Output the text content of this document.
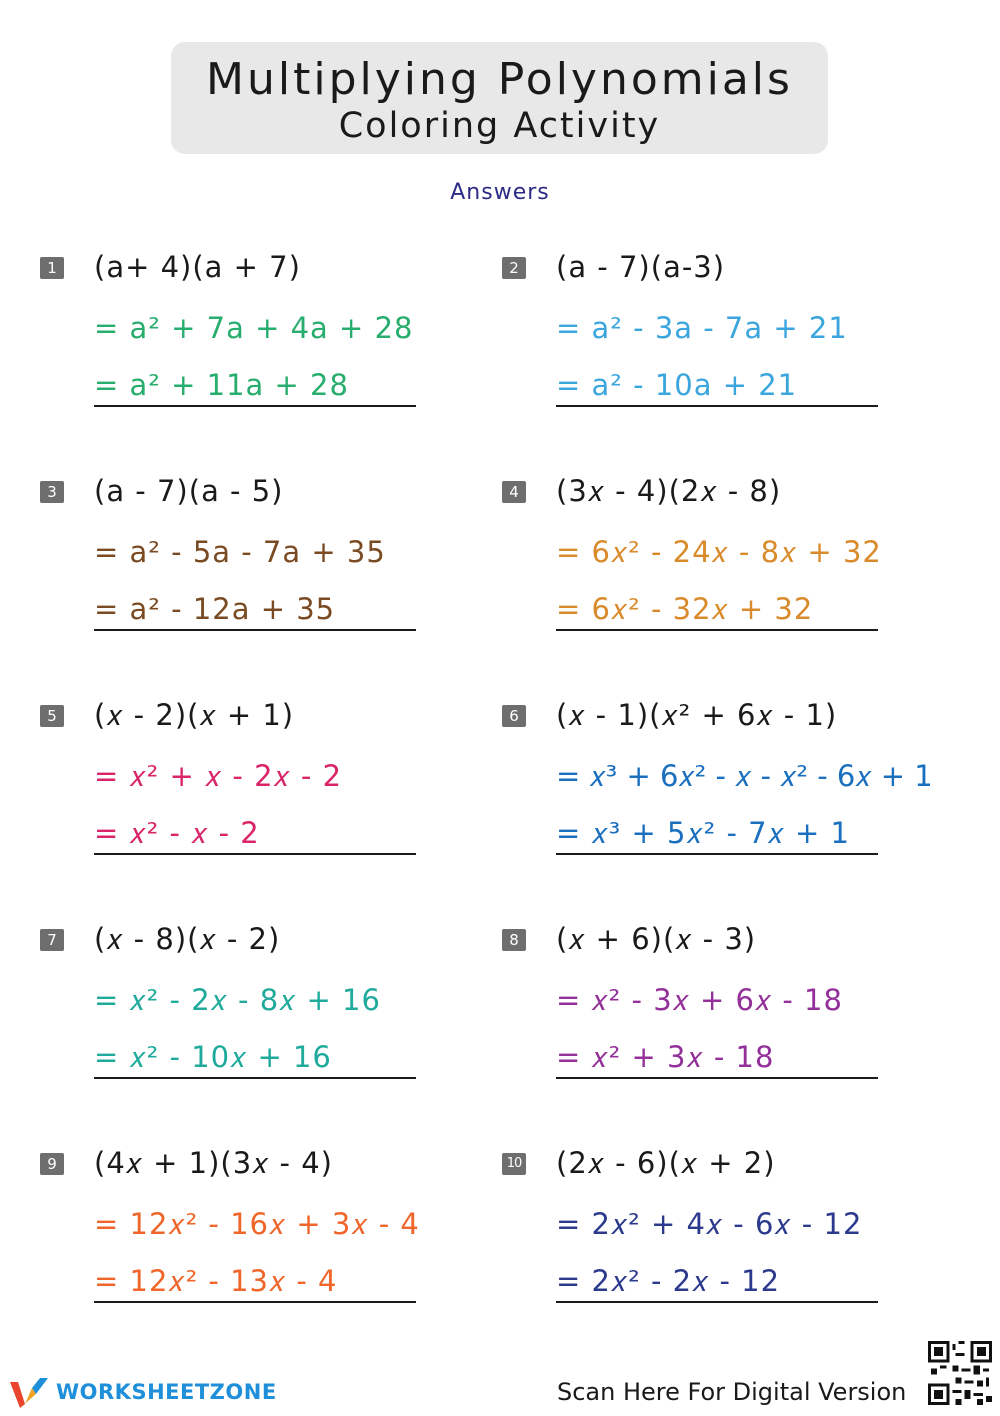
Multiplying Polynomials
Coloring Activity
Answers
1 (a+ 4)(a + 7)
= a² + 7a + 4a + 28
= a² + 11a + 28
2 (a - 7)(a-3)
= a² - 3a - 7a + 21
= a² - 10a + 21
3 (a - 7)(a - 5)
= a² - 5a - 7a + 35
= a² - 12a + 35
4 (3𝑥 - 4)(2𝑥 - 8)
= 6𝑥² - 24𝑥 - 8𝑥 + 32
= 6𝑥² - 32𝑥 + 32
5 (𝑥 - 2)(𝑥 + 1)
= 𝑥² + 𝑥 - 2𝑥 - 2
= 𝑥² - 𝑥 - 2
6 (𝑥 - 1)(𝑥² + 6𝑥 - 1)
= 𝑥³ + 6𝑥² - 𝑥 - 𝑥² - 6𝑥 + 1
= 𝑥³ + 5𝑥² - 7𝑥 + 1
7 (𝑥 - 8)(𝑥 - 2)
= 𝑥² - 2𝑥 - 8𝑥 + 16
= 𝑥² - 10𝑥 + 16
8 (𝑥 + 6)(𝑥 - 3)
= 𝑥² - 3𝑥 + 6𝑥 - 18
= 𝑥² + 3𝑥 - 18
9 (4𝑥 + 1)(3𝑥 - 4)
= 12𝑥² - 16𝑥 + 3𝑥 - 4
= 12𝑥² - 13𝑥 - 4
10 (2𝑥 - 6)(𝑥 + 2)
= 2𝑥² + 4𝑥 - 6𝑥 - 12
= 2𝑥² - 2𝑥 - 12
WORKSHEETZONE	Scan Here For Digital Version
